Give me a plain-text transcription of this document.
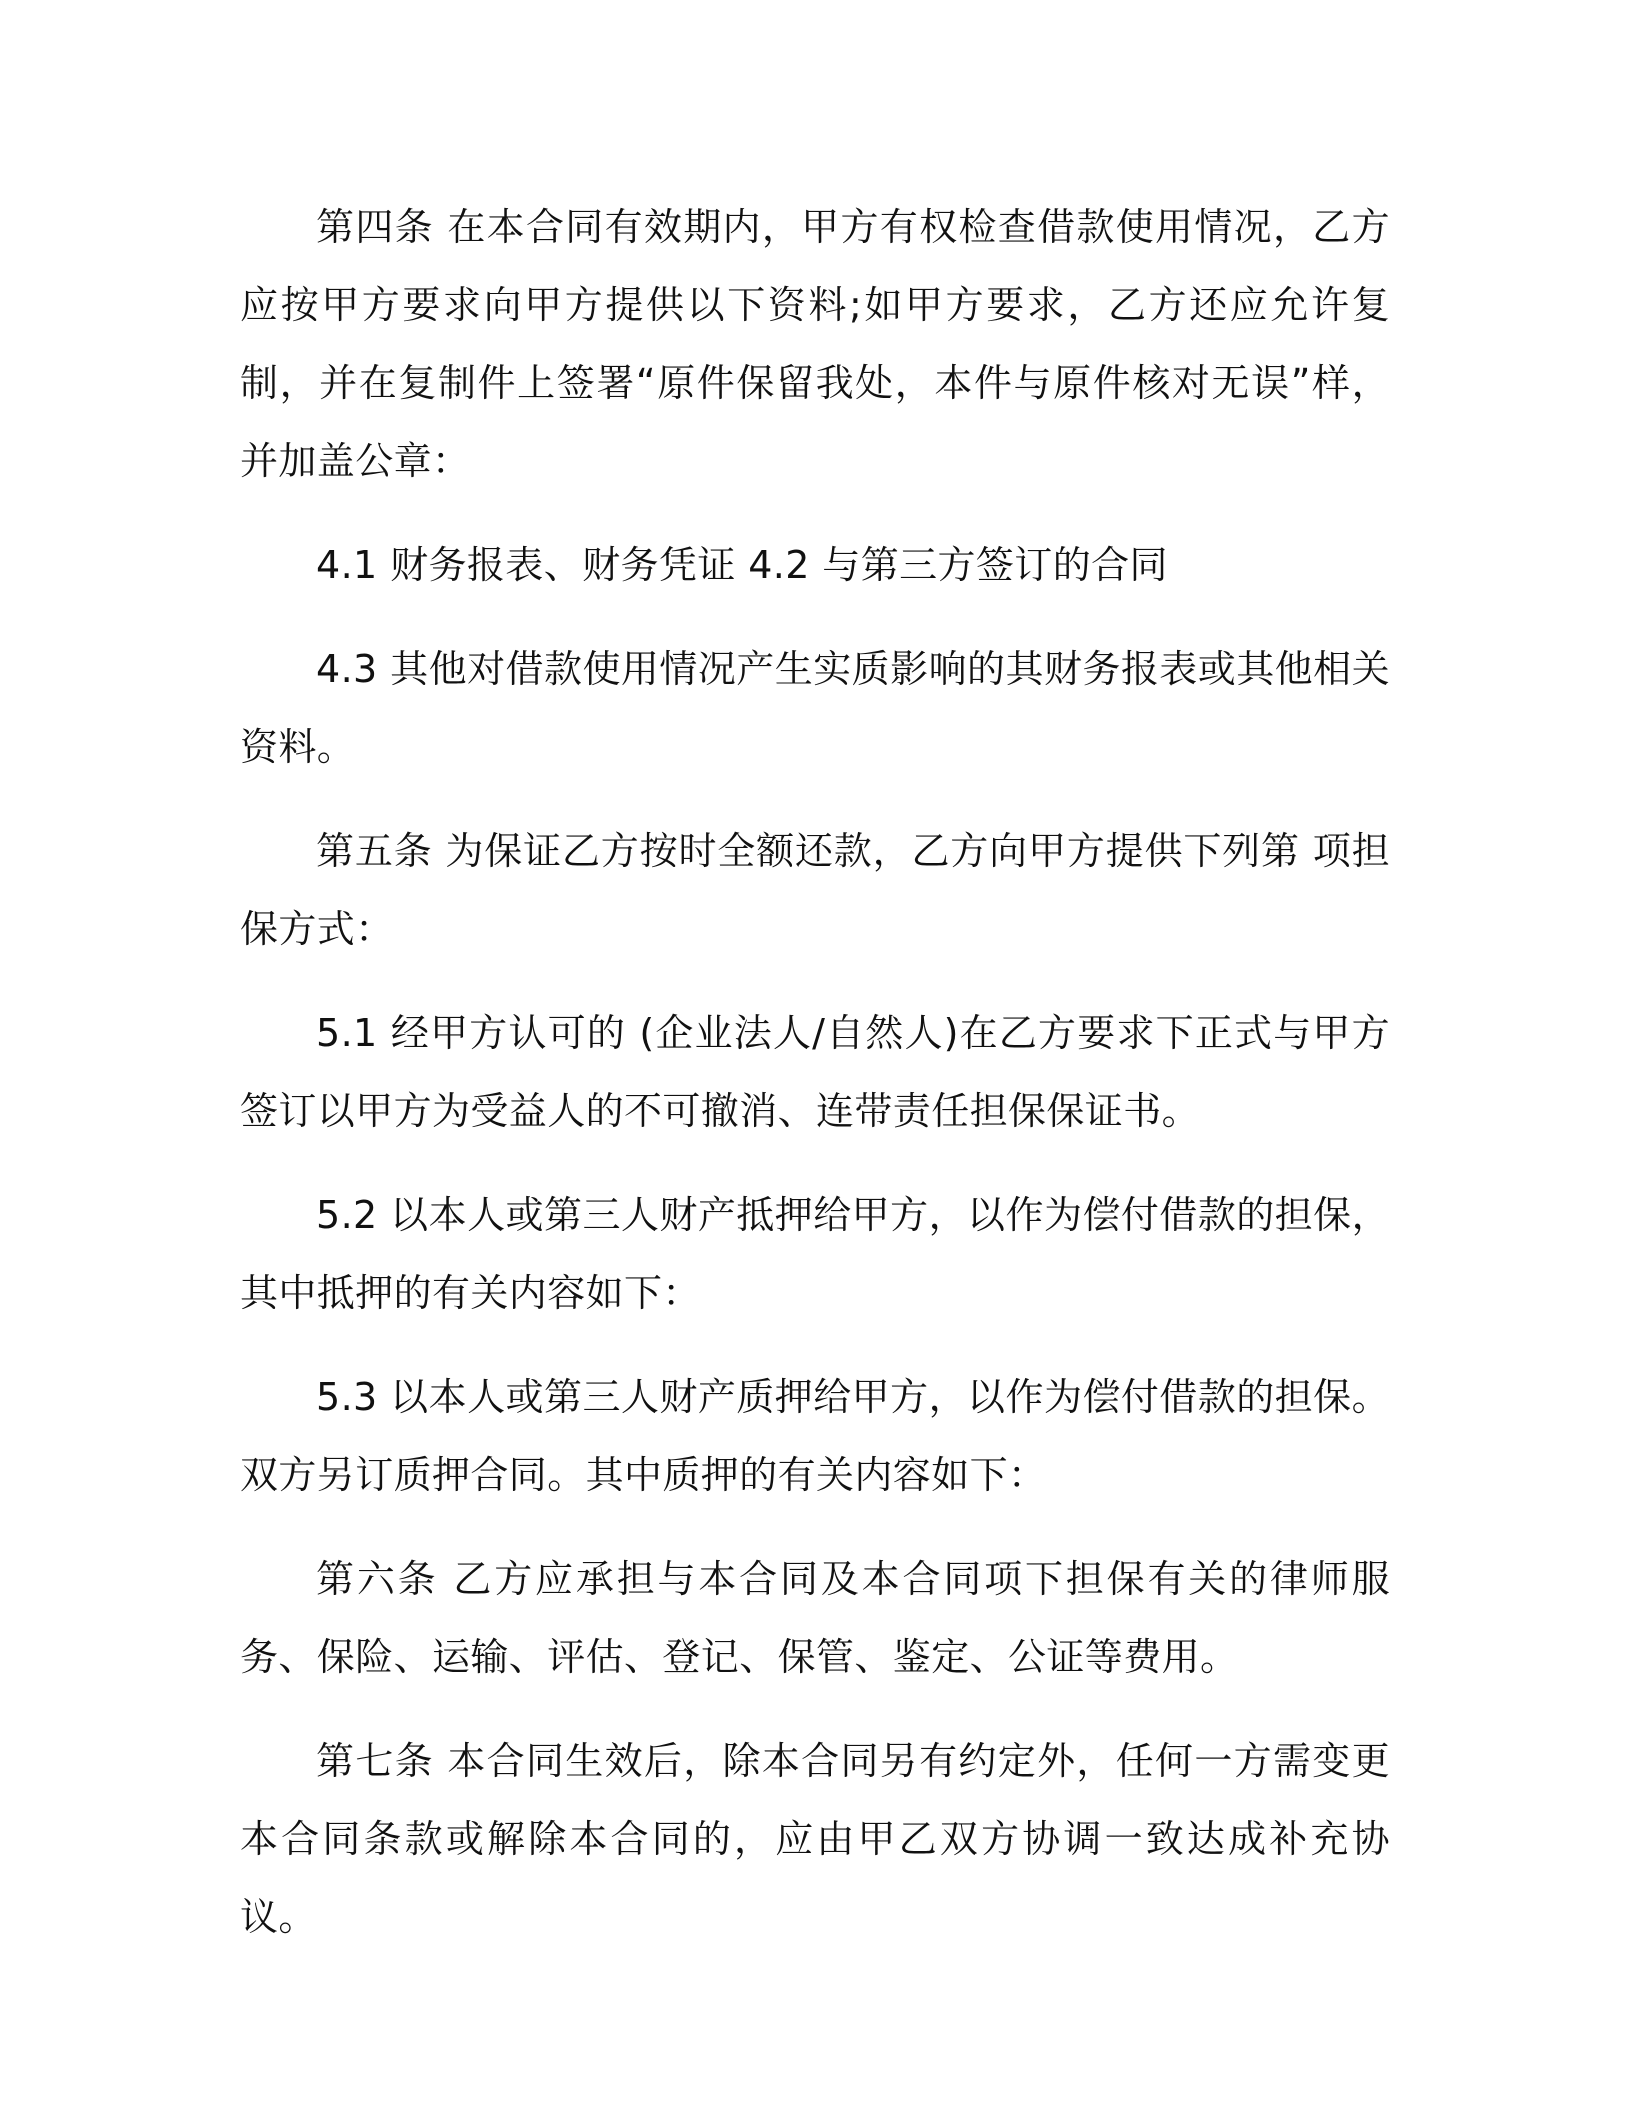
第四条 在本合同有效期内，甲方有权检查借款使用情况，乙方应按甲方要求向甲方提供以下资料;如甲方要求，乙方还应允许复制，并在复制件上签署“原件保留我处，本件与原件核对无误”样，并加盖公章：

4.1 财务报表、财务凭证 4.2 与第三方签订的合同

4.3 其他对借款使用情况产生实质影响的其财务报表或其他相关资料。

第五条 为保证乙方按时全额还款，乙方向甲方提供下列第 项担保方式：

5.1 经甲方认可的 (企业法人/自然人)在乙方要求下正式与甲方签订以甲方为受益人的不可撤消、连带责任担保保证书。

5.2 以本人或第三人财产抵押给甲方，以作为偿付借款的担保，其中抵押的有关内容如下：

5.3 以本人或第三人财产质押给甲方，以作为偿付借款的担保。双方另订质押合同。其中质押的有关内容如下：

第六条 乙方应承担与本合同及本合同项下担保有关的律师服务、保险、运输、评估、登记、保管、鉴定、公证等费用。

第七条 本合同生效后，除本合同另有约定外，任何一方需变更本合同条款或解除本合同的，应由甲乙双方协调一致达成补充协议。
